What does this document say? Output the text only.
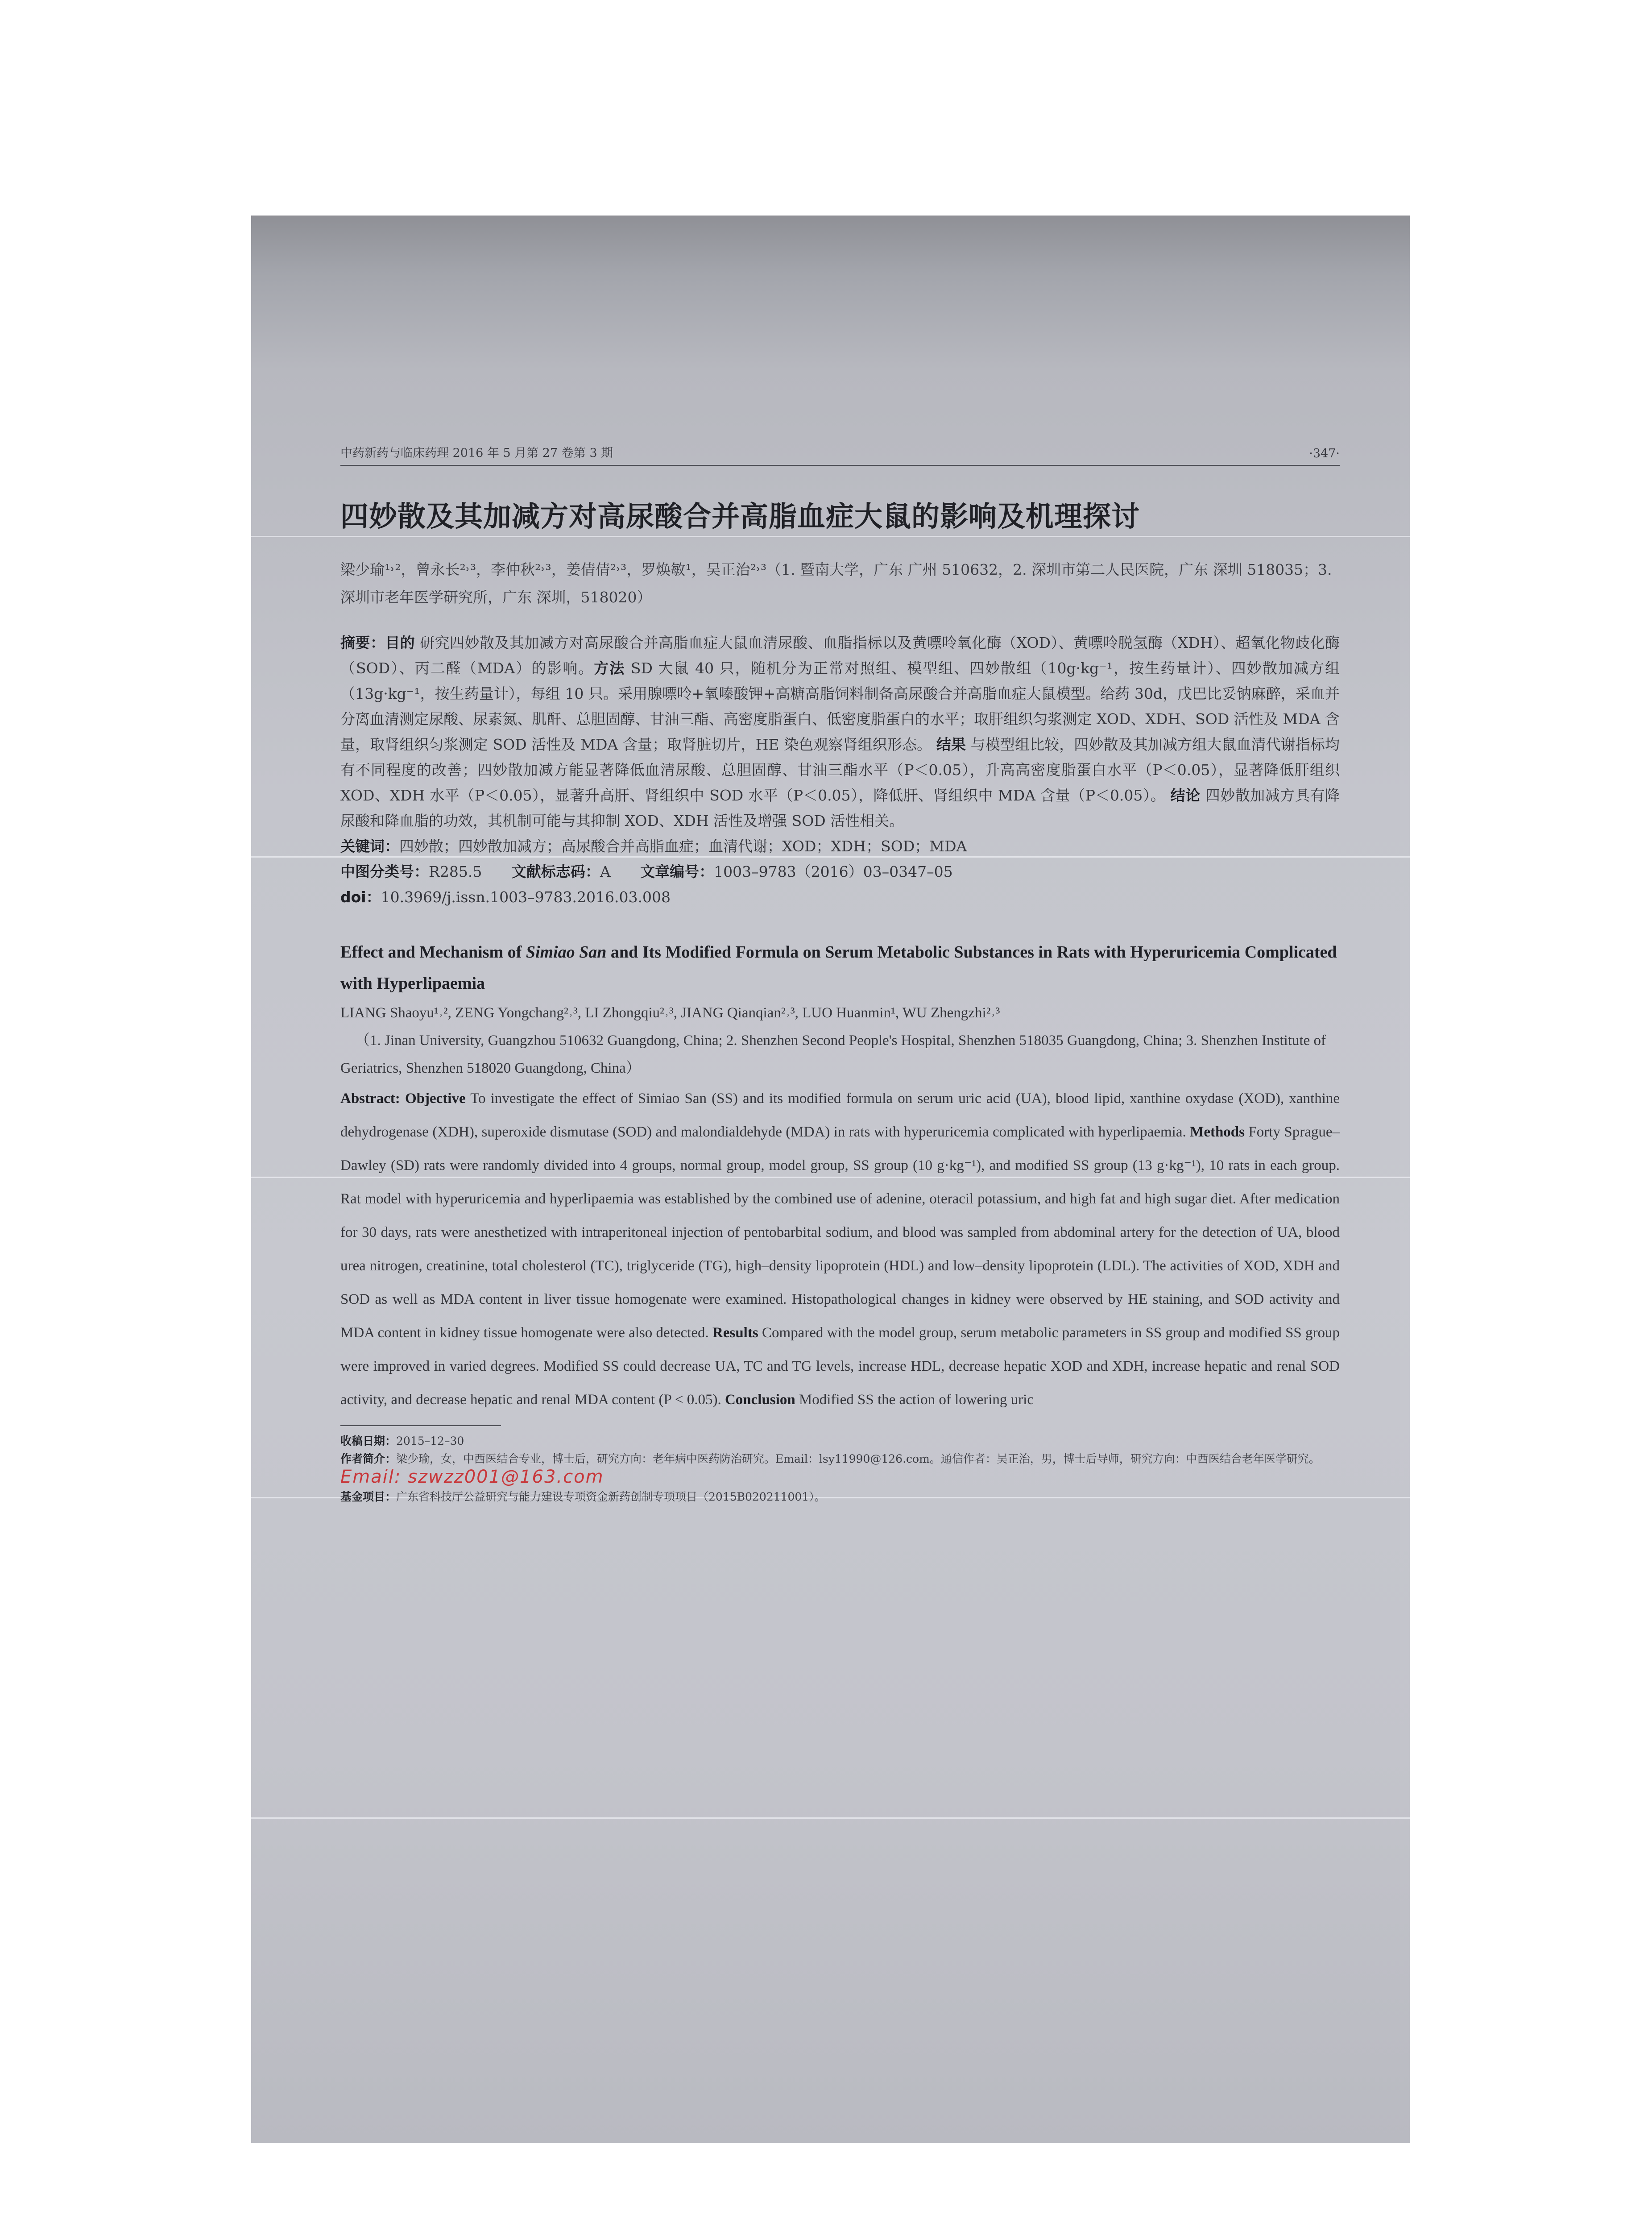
中药新药与临床药理 2016 年 5 月第 27 卷第 3 期	·347·
四妙散及其加减方对高尿酸合并高脂血症大鼠的影响及机理探讨
梁少瑜¹˒²，曾永长²˒³，李仲秋²˒³，姜倩倩²˒³，罗焕敏¹，吴正治²˒³（1. 暨南大学，广东 广州 510632，2. 深圳市第二人民医院，广东 深圳 518035；3. 深圳市老年医学研究所，广东 深圳，518020）
摘要：目的 研究四妙散及其加减方对高尿酸合并高脂血症大鼠血清尿酸、血脂指标以及黄嘌呤氧化酶（XOD）、黄嘌呤脱氢酶（XDH）、超氧化物歧化酶（SOD）、丙二醛（MDA）的影响。方法 SD 大鼠 40 只，随机分为正常对照组、模型组、四妙散组（10g·kg⁻¹，按生药量计）、四妙散加减方组（13g·kg⁻¹，按生药量计），每组 10 只。采用腺嘌呤+氧嗪酸钾+高糖高脂饲料制备高尿酸合并高脂血症大鼠模型。给药 30d，戊巴比妥钠麻醉，采血并分离血清测定尿酸、尿素氮、肌酐、总胆固醇、甘油三酯、高密度脂蛋白、低密度脂蛋白的水平；取肝组织匀浆测定 XOD、XDH、SOD 活性及 MDA 含量，取肾组织匀浆测定 SOD 活性及 MDA 含量；取肾脏切片，HE 染色观察肾组织形态。 结果 与模型组比较，四妙散及其加减方组大鼠血清代谢指标均有不同程度的改善；四妙散加减方能显著降低血清尿酸、总胆固醇、甘油三酯水平（P＜0.05），升高高密度脂蛋白水平（P＜0.05），显著降低肝组织 XOD、XDH 水平（P＜0.05），显著升高肝、肾组织中 SOD 水平（P＜0.05），降低肝、肾组织中 MDA 含量（P＜0.05）。 结论 四妙散加减方具有降尿酸和降血脂的功效，其机制可能与其抑制 XOD、XDH 活性及增强 SOD 活性相关。
关键词：四妙散；四妙散加减方；高尿酸合并高脂血症；血清代谢；XOD；XDH；SOD；MDA
中图分类号：R285.5 文献标志码：A 文章编号：1003–9783（2016）03–0347–05
doi：10.3969/j.issn.1003–9783.2016.03.008
Effect and Mechanism of Simiao San and Its Modified Formula on Serum Metabolic Substances in Rats with Hyperuricemia Complicated with Hyperlipaemia
LIANG Shaoyu¹˒², ZENG Yongchang²˒³, LI Zhongqiu²˒³, JIANG Qianqian²˒³, LUO Huanmin¹, WU Zhengzhi²˒³
（1. Jinan University, Guangzhou 510632 Guangdong, China; 2. Shenzhen Second People's Hospital, Shenzhen 518035 Guangdong, China; 3. Shenzhen Institute of Geriatrics, Shenzhen 518020 Guangdong, China）
Abstract: Objective To investigate the effect of Simiao San (SS) and its modified formula on serum uric acid (UA), blood lipid, xanthine oxydase (XOD), xanthine dehydrogenase (XDH), superoxide dismutase (SOD) and malondialdehyde (MDA) in rats with hyperuricemia complicated with hyperlipaemia. Methods Forty Sprague–Dawley (SD) rats were randomly divided into 4 groups, normal group, model group, SS group (10 g·kg⁻¹), and modified SS group (13 g·kg⁻¹), 10 rats in each group. Rat model with hyperuricemia and hyperlipaemia was established by the combined use of adenine, oteracil potassium, and high fat and high sugar diet. After medication for 30 days, rats were anesthetized with intraperitoneal injection of pentobarbital sodium, and blood was sampled from abdominal artery for the detection of UA, blood urea nitrogen, creatinine, total cholesterol (TC), triglyceride (TG), high–density lipoprotein (HDL) and low–density lipoprotein (LDL). The activities of XOD, XDH and SOD as well as MDA content in liver tissue homogenate were examined. Histopathological changes in kidney were observed by HE staining, and SOD activity and MDA content in kidney tissue homogenate were also detected. Results Compared with the model group, serum metabolic parameters in SS group and modified SS group were improved in varied degrees. Modified SS could decrease UA, TC and TG levels, increase HDL, decrease hepatic XOD and XDH, increase hepatic and renal SOD activity, and decrease hepatic and renal MDA content (P < 0.05). Conclusion Modified SS the action of lowering uric
收稿日期：2015–12–30
作者简介：梁少瑜，女，中西医结合专业，博士后，研究方向：老年病中医药防治研究。Email：lsy11990@126.com。通信作者：吴正治，男，博士后导师，研究方向：中西医结合老年医学研究。 Email: szwzz001@163.com
基金项目：广东省科技厅公益研究与能力建设专项资金新药创制专项项目（2015B020211001）。
